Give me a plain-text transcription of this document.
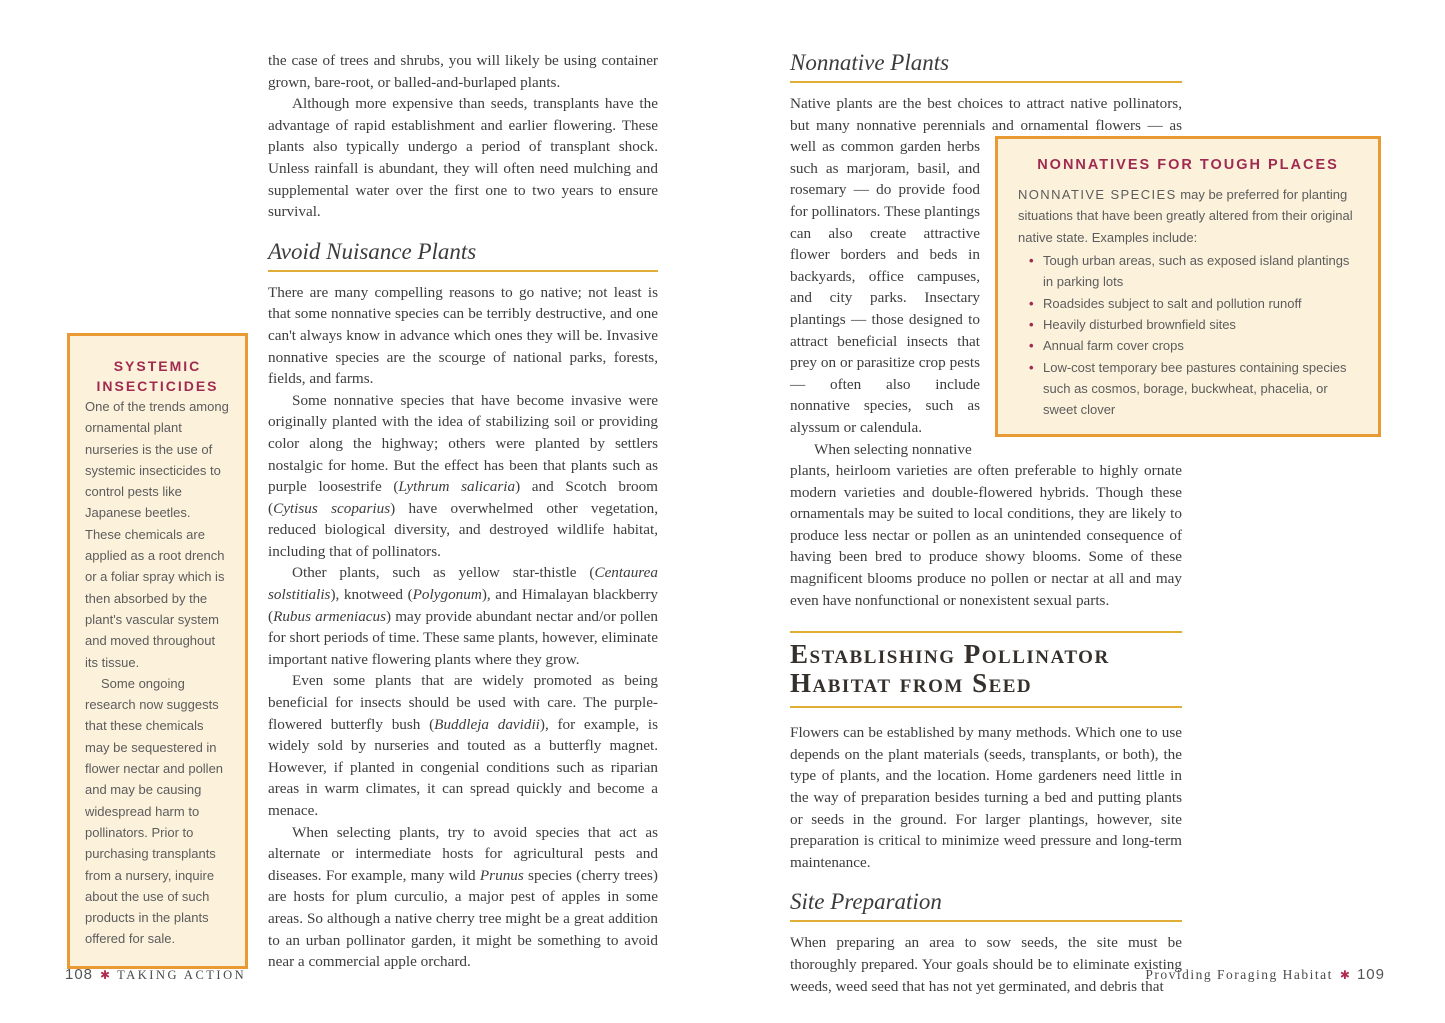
the case of trees and shrubs, you will likely be using container grown, bare-root, or balled-and-burlaped plants.

Although more expensive than seeds, transplants have the advantage of rapid establishment and earlier flowering. These plants also typically undergo a period of transplant shock. Unless rainfall is abundant, they will often need mulching and supplemental water over the first one to two years to ensure survival.

Avoid Nuisance Plants

There are many compelling reasons to go native; not least is that some nonnative species can be terribly destructive, and one can't always know in advance which ones they will be. Invasive nonnative species are the scourge of national parks, forests, fields, and farms.

Some nonnative species that have become invasive were originally planted with the idea of stabilizing soil or providing color along the highway; others were planted by settlers nostalgic for home. But the effect has been that plants such as purple loosestrife (Lythrum salicaria) and Scotch broom (Cytisus scoparius) have overwhelmed other vegetation, reduced biological diversity, and destroyed wildlife habitat, including that of pollinators.

Other plants, such as yellow star-thistle (Centaurea solstitialis), knotweed (Polygonum), and Himalayan blackberry (Rubus armeniacus) may provide abundant nectar and/or pollen for short periods of time. These same plants, however, eliminate important native flowering plants where they grow.

Even some plants that are widely promoted as being beneficial for insects should be used with care. The purple-flowered butterfly bush (Buddleja davidii), for example, is widely sold by nurseries and touted as a butterfly magnet. However, if planted in congenial conditions such as riparian areas in warm climates, it can spread quickly and become a menace.

When selecting plants, try to avoid species that act as alternate or intermediate hosts for agricultural pests and diseases. For example, many wild Prunus species (cherry trees) are hosts for plum curculio, a major pest of apples in some areas. So although a native cherry tree might be a great addition to an urban pollinator garden, it might be something to avoid near a commercial apple orchard.

SYSTEMIC INSECTICIDES

One of the trends among ornamental plant nurseries is the use of systemic insecticides to control pests like Japanese beetles. These chemicals are applied as a root drench or a foliar spray which is then absorbed by the plant's vascular system and moved throughout its tissue.

Some ongoing research now suggests that these chemicals may be sequestered in flower nectar and pollen and may be causing widespread harm to pollinators. Prior to purchasing transplants from a nursery, inquire about the use of such products in the plants offered for sale.

Nonnative Plants

Native plants are the best choices to attract native pollinators, but many nonnative perennials and ornamental flowers — as

well as common garden herbs such as marjoram, basil, and rosemary — do provide food for pollinators. These plantings can also create attractive flower borders and beds in backyards, office campuses, and city parks. Insectary plantings — those designed to attract beneficial insects that prey on or parasitize crop pests — often also include nonnative species, such as alyssum or calendula.

When selecting nonnative

NONNATIVES FOR TOUGH PLACES

NONNATIVE SPECIES may be preferred for planting situations that have been greatly altered from their original native state. Examples include:

• Tough urban areas, such as exposed island plantings in parking lots
• Roadsides subject to salt and pollution runoff
• Heavily disturbed brownfield sites
• Annual farm cover crops
• Low-cost temporary bee pastures containing species such as cosmos, borage, buckwheat, phacelia, or sweet clover

plants, heirloom varieties are often preferable to highly ornate modern varieties and double-flowered hybrids. Though these ornamentals may be suited to local conditions, they are likely to produce less nectar or pollen as an unintended consequence of having been bred to produce showy blooms. Some of these magnificent blooms produce no pollen or nectar at all and may even have nonfunctional or nonexistent sexual parts.

Establishing Pollinator
Habitat from Seed

Flowers can be established by many methods. Which one to use depends on the plant materials (seeds, transplants, or both), the type of plants, and the location. Home gardeners need little in the way of preparation besides turning a bed and putting plants or seeds in the ground. For larger plantings, however, site preparation is critical to minimize weed pressure and long-term maintenance.

Site Preparation

When preparing an area to sow seeds, the site must be thoroughly prepared. Your goals should be to eliminate existing weeds, weed seed that has not yet germinated, and debris that

108 ✱ TAKING ACTION	Providing Foraging Habitat ✱ 109
